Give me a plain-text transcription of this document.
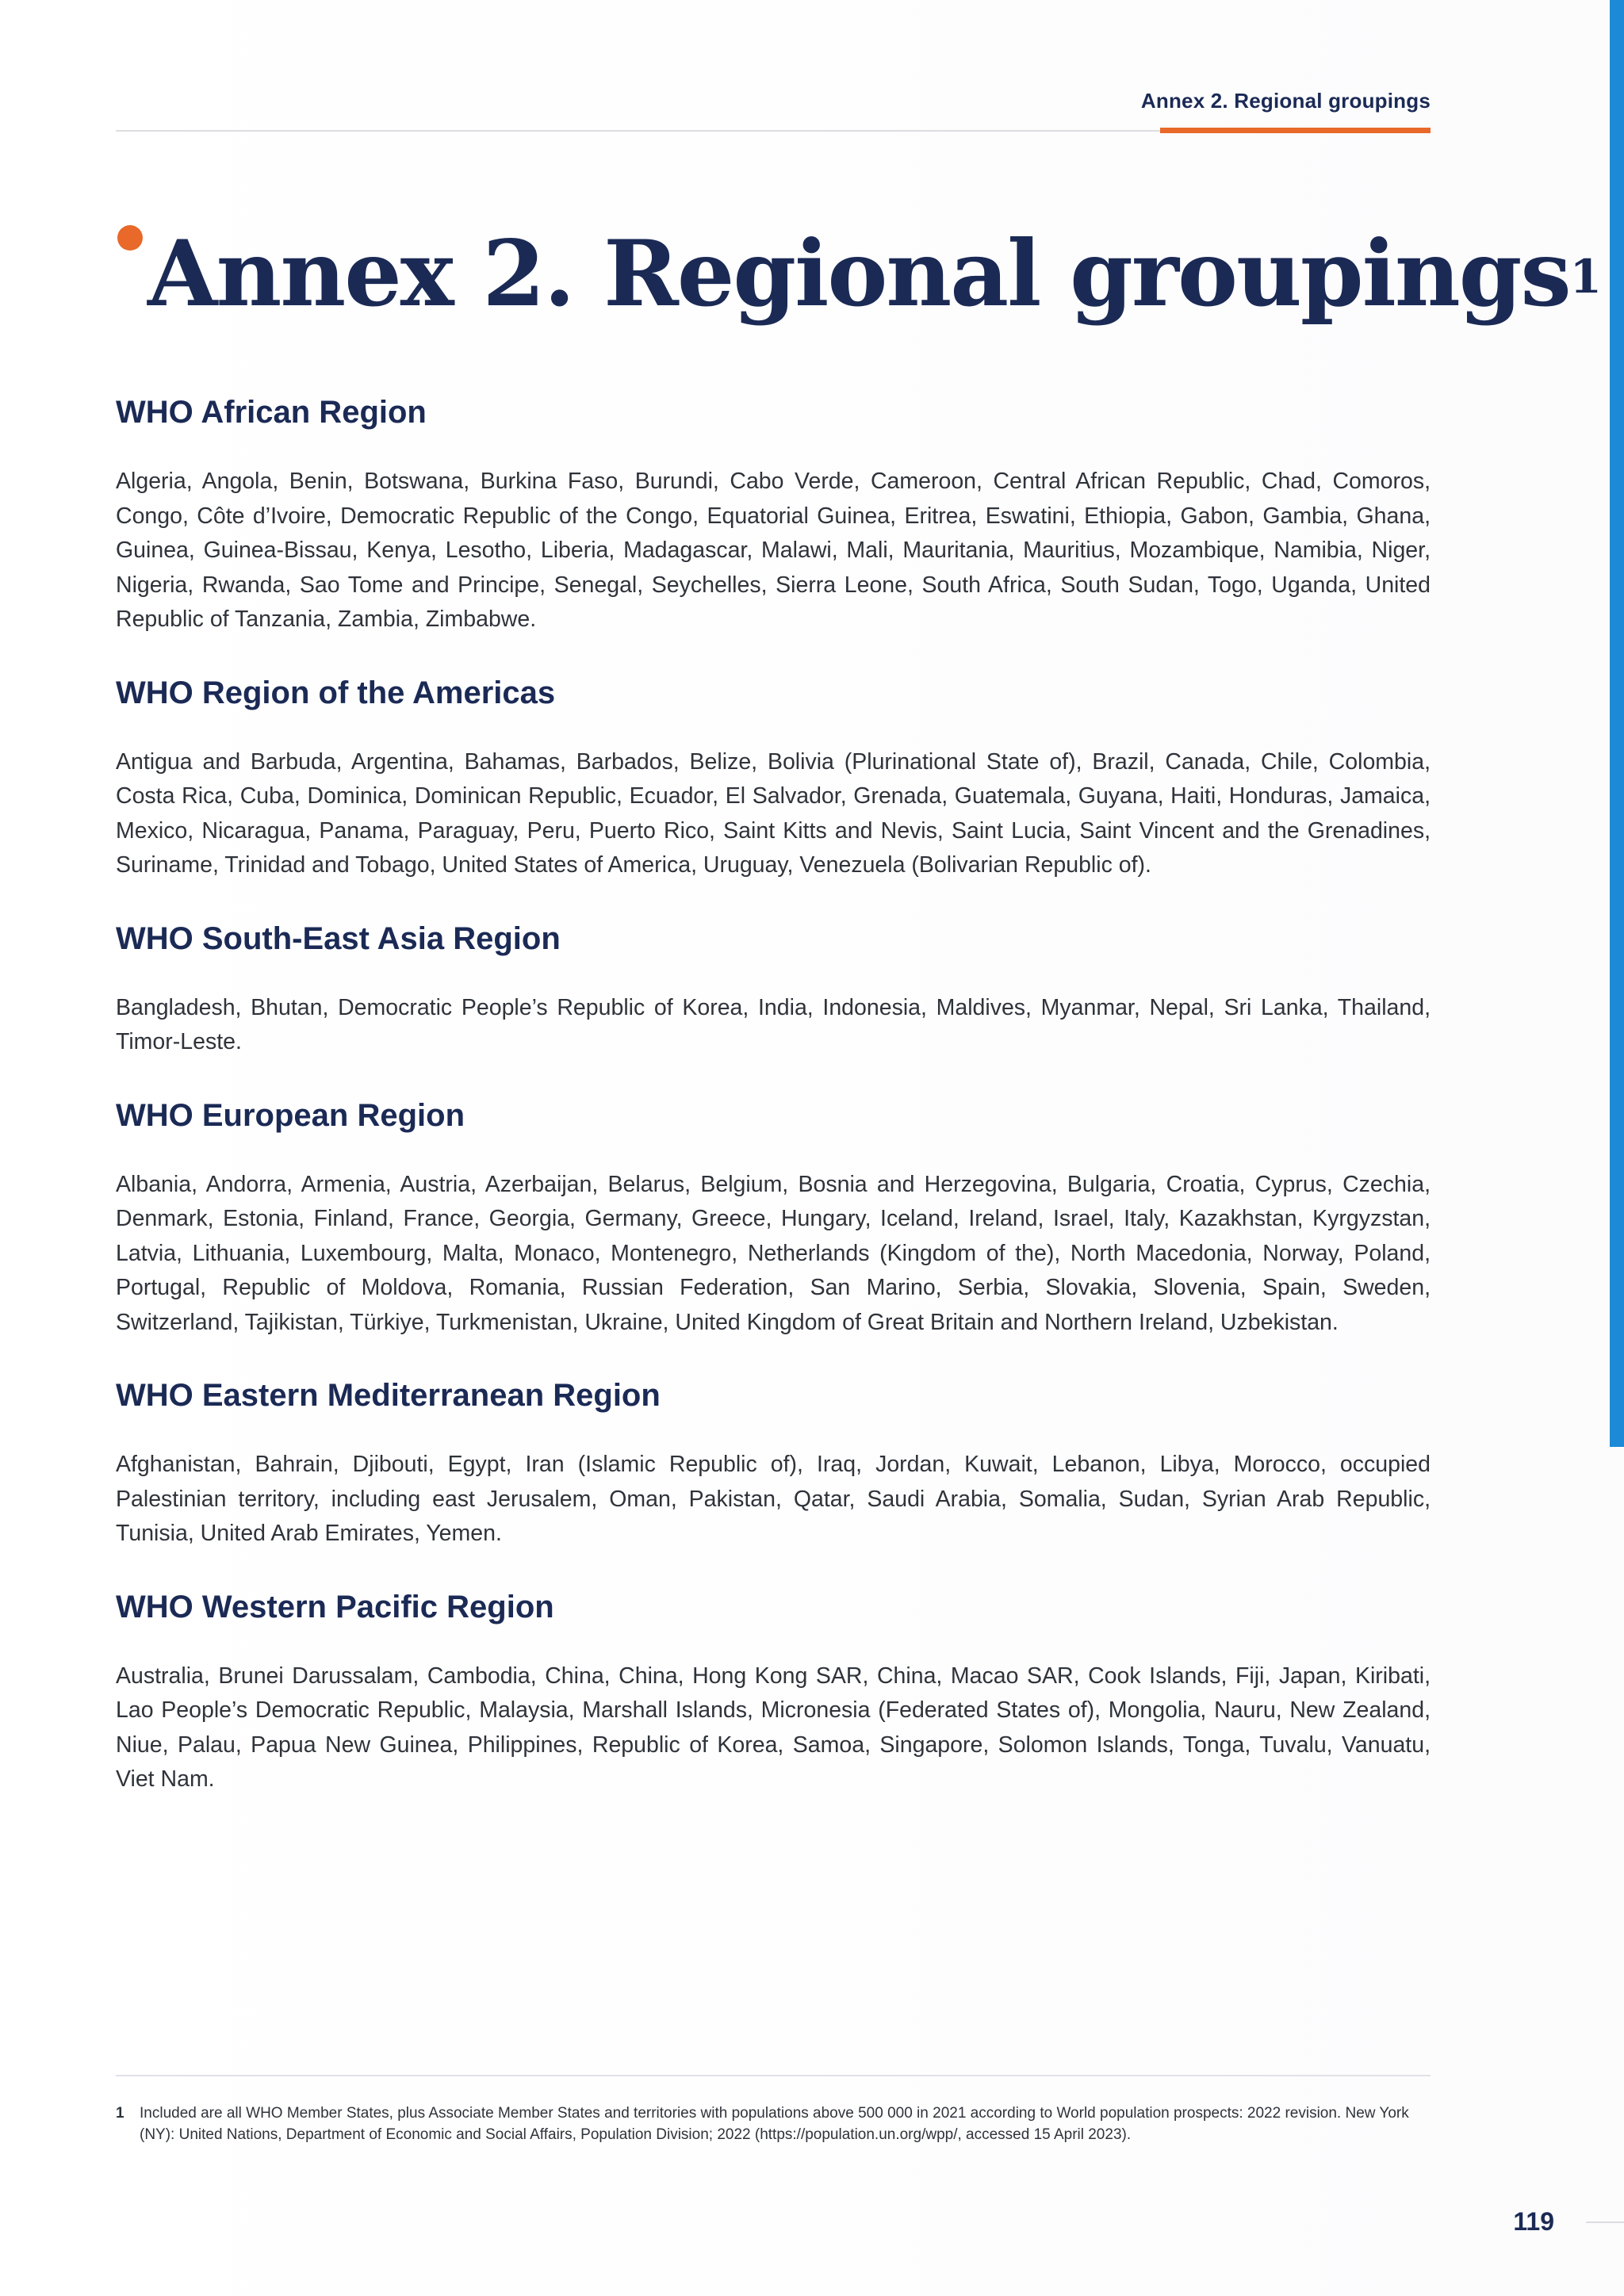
Annex 2. Regional groupings
Annex 2. Regional groupings$^1$
WHO African Region

Algeria, Angola, Benin, Botswana, Burkina Faso, Burundi, Cabo Verde, Cameroon, Central African Republic, Chad, Comoros, Congo, Côte d’Ivoire, Democratic Republic of the Congo, Equatorial Guinea, Eritrea, Eswatini, Ethiopia, Gabon, Gambia, Ghana, Guinea, Guinea-Bissau, Kenya, Lesotho, Liberia, Madagascar, Malawi, Mali, Mauritania, Mauritius, Mozambique, Namibia, Niger, Nigeria, Rwanda, Sao Tome and Principe, Senegal, Seychelles, Sierra Leone, South Africa, South Sudan, Togo, Uganda, United Republic of Tanzania, Zambia, Zimbabwe.

WHO Region of the Americas

Antigua and Barbuda, Argentina, Bahamas, Barbados, Belize, Bolivia (Plurinational State of), Brazil, Canada, Chile, Colombia, Costa Rica, Cuba, Dominica, Dominican Republic, Ecuador, El Salvador, Grenada, Guatemala, Guyana, Haiti, Honduras, Jamaica, Mexico, Nicaragua, Panama, Paraguay, Peru, Puerto Rico, Saint Kitts and Nevis, Saint Lucia, Saint Vincent and the Grenadines, Suriname, Trinidad and Tobago, United States of America, Uruguay, Venezuela (Bolivarian Republic of).

WHO South-East Asia Region

Bangladesh, Bhutan, Democratic People’s Republic of Korea, India, Indonesia, Maldives, Myanmar, Nepal, Sri Lanka, Thailand, Timor-Leste.

WHO European Region

Albania, Andorra, Armenia, Austria, Azerbaijan, Belarus, Belgium, Bosnia and Herzegovina, Bulgaria, Croatia, Cyprus, Czechia, Denmark, Estonia, Finland, France, Georgia, Germany, Greece, Hungary, Iceland, Ireland, Israel, Italy, Kazakhstan, Kyrgyzstan, Latvia, Lithuania, Luxembourg, Malta, Monaco, Montenegro, Netherlands (Kingdom of the), North Macedonia, Norway, Poland, Portugal, Republic of Moldova, Romania, Russian Federation, San Marino, Serbia, Slovakia, Slovenia, Spain, Sweden, Switzerland, Tajikistan, Türkiye, Turkmenistan, Ukraine, United Kingdom of Great Britain and Northern Ireland, Uzbekistan.

WHO Eastern Mediterranean Region

Afghanistan, Bahrain, Djibouti, Egypt, Iran (Islamic Republic of), Iraq, Jordan, Kuwait, Lebanon, Libya, Morocco, occupied Palestinian territory, including east Jerusalem, Oman, Pakistan, Qatar, Saudi Arabia, Somalia, Sudan, Syrian Arab Republic, Tunisia, United Arab Emirates, Yemen.

WHO Western Pacific Region

Australia, Brunei Darussalam, Cambodia, China, China, Hong Kong SAR, China, Macao SAR, Cook Islands, Fiji, Japan, Kiribati, Lao People’s Democratic Republic, Malaysia, Marshall Islands, Micronesia (Federated States of), Mongolia, Nauru, New Zealand, Niue, Palau, Papua New Guinea, Philippines, Republic of Korea, Samoa, Singapore, Solomon Islands, Tonga, Tuvalu, Vanuatu, Viet Nam.

1	Included are all WHO Member States, plus Associate Member States and territories with populations above 500 000 in 2021 according to World population prospects: 2022 revision. New York (NY): United Nations, Department of Economic and Social Affairs, Population Division; 2022 (https://population.un.org/wpp/, accessed 15 April 2023).
119
